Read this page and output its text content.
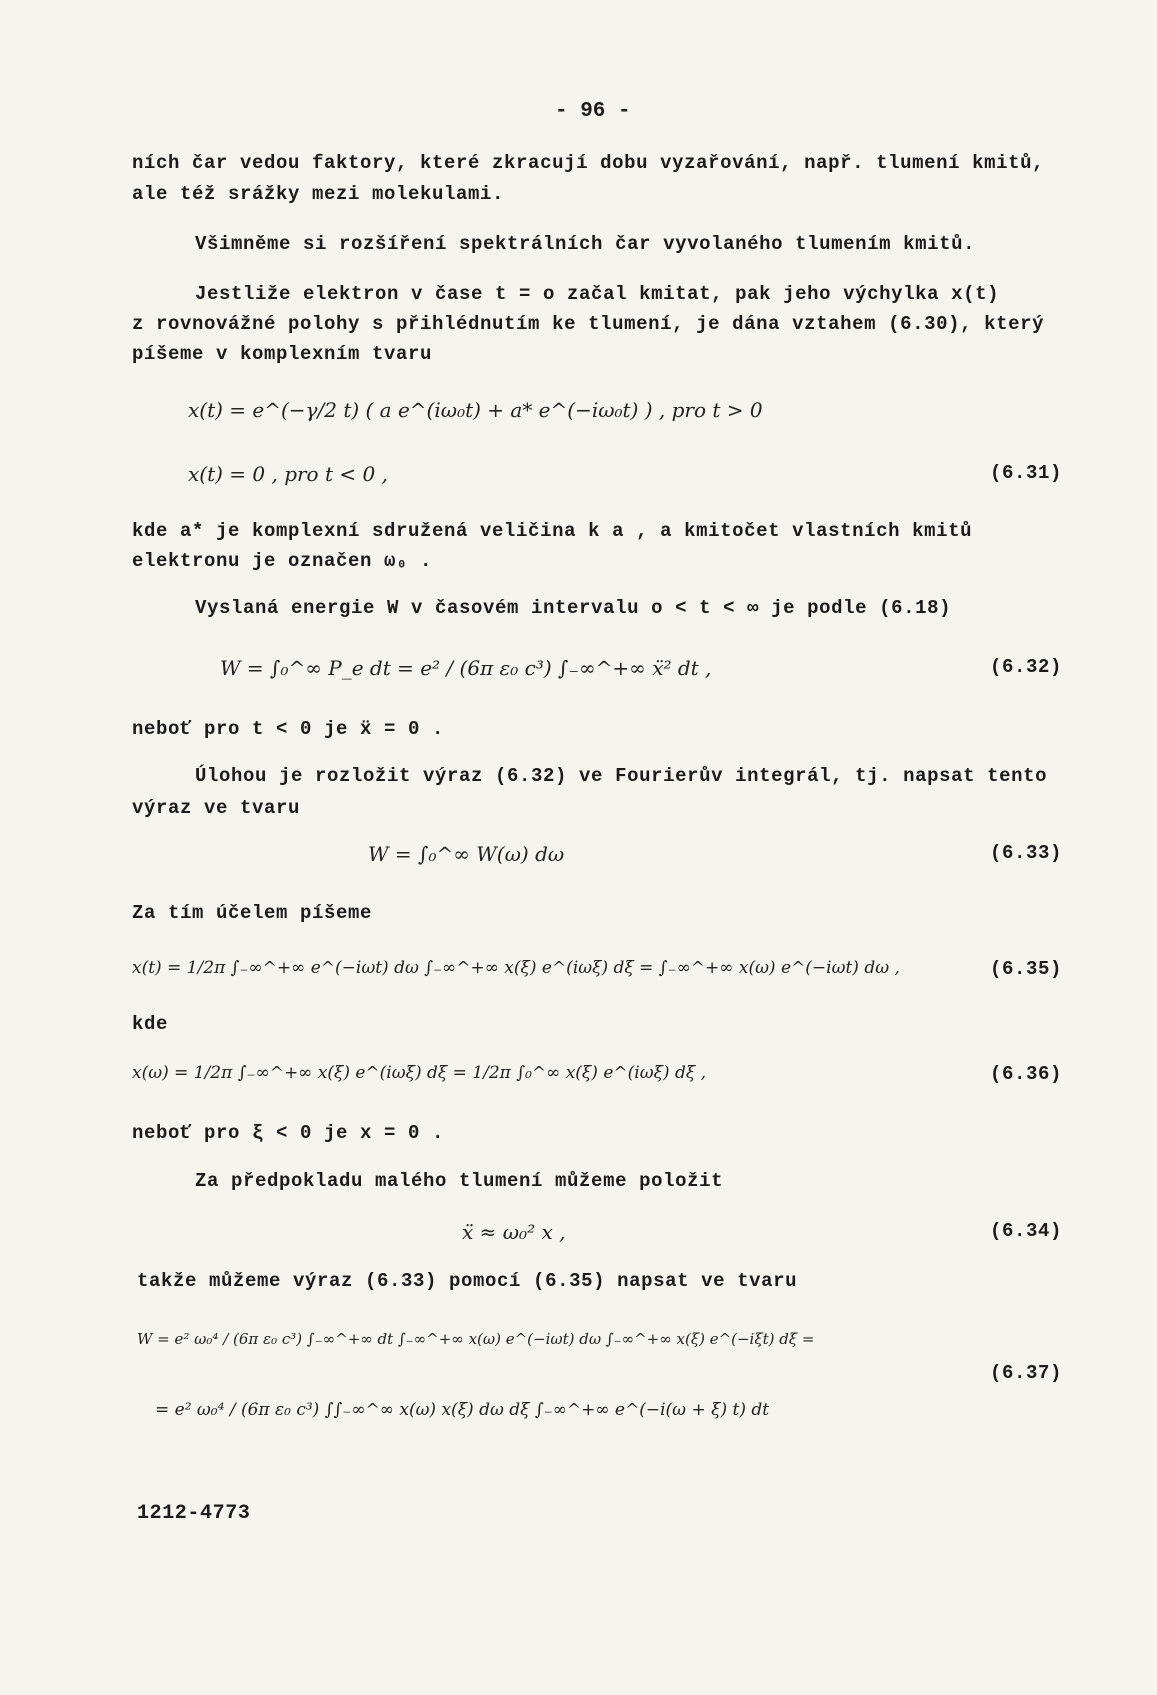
- 96 -
ních čar vedou faktory, které zkracují dobu vyzařování, např. tlumení kmitů,
ale též srážky mezi molekulami.
Všimněme si rozšíření spektrálních čar vyvolaného tlumením kmitů.
Jestliže elektron v čase t = o začal kmitat, pak jeho výchylka x(t)
z rovnovážné polohy s přihlédnutím ke tlumení, je dána vztahem (6.30), který
píšeme v komplexním tvaru
x(t) = e^(−γ/2 t) ( a e^(iω₀t) + a* e^(−iω₀t) ) , pro t > 0
x(t) = 0 , pro t < 0 ,	(6.31)
kde a* je komplexní sdružená veličina k a , a kmitočet vlastních kmitů
elektronu je označen ω₀ .
Vyslaná energie W v časovém intervalu o < t < ∞ je podle (6.18)
W = ∫₀^∞ P_e dt = e² / (6π ε₀ c³) ∫₋∞^+∞ ẍ² dt ,	(6.32)
neboť pro t < 0 je ẍ = 0 .
Úlohou je rozložit výraz (6.32) ve Fourierův integrál, tj. napsat tento
výraz ve tvaru
W = ∫₀^∞ W(ω) dω	(6.33)
Za tím účelem píšeme
x(t) = 1/2π ∫₋∞^+∞ e^(−iωt) dω ∫₋∞^+∞ x(ξ) e^(iωξ) dξ = ∫₋∞^+∞ x(ω) e^(−iωt) dω ,	(6.35)
kde
x(ω) = 1/2π ∫₋∞^+∞ x(ξ) e^(iωξ) dξ = 1/2π ∫₀^∞ x(ξ) e^(iωξ) dξ ,	(6.36)
neboť pro ξ < 0 je x = 0 .
Za předpokladu malého tlumení můžeme položit
ẍ ≈ ω₀² x ,	(6.34)
takže můžeme výraz (6.33) pomocí (6.35) napsat ve tvaru
W = e² ω₀⁴ / (6π ε₀ c³) ∫₋∞^+∞ dt ∫₋∞^+∞ x(ω) e^(−iωt) dω ∫₋∞^+∞ x(ξ) e^(−iξt) dξ =
(6.37)
= e² ω₀⁴ / (6π ε₀ c³) ∫∫₋∞^∞ x(ω) x(ξ) dω dξ ∫₋∞^+∞ e^(−i(ω + ξ) t) dt
1212-4773
